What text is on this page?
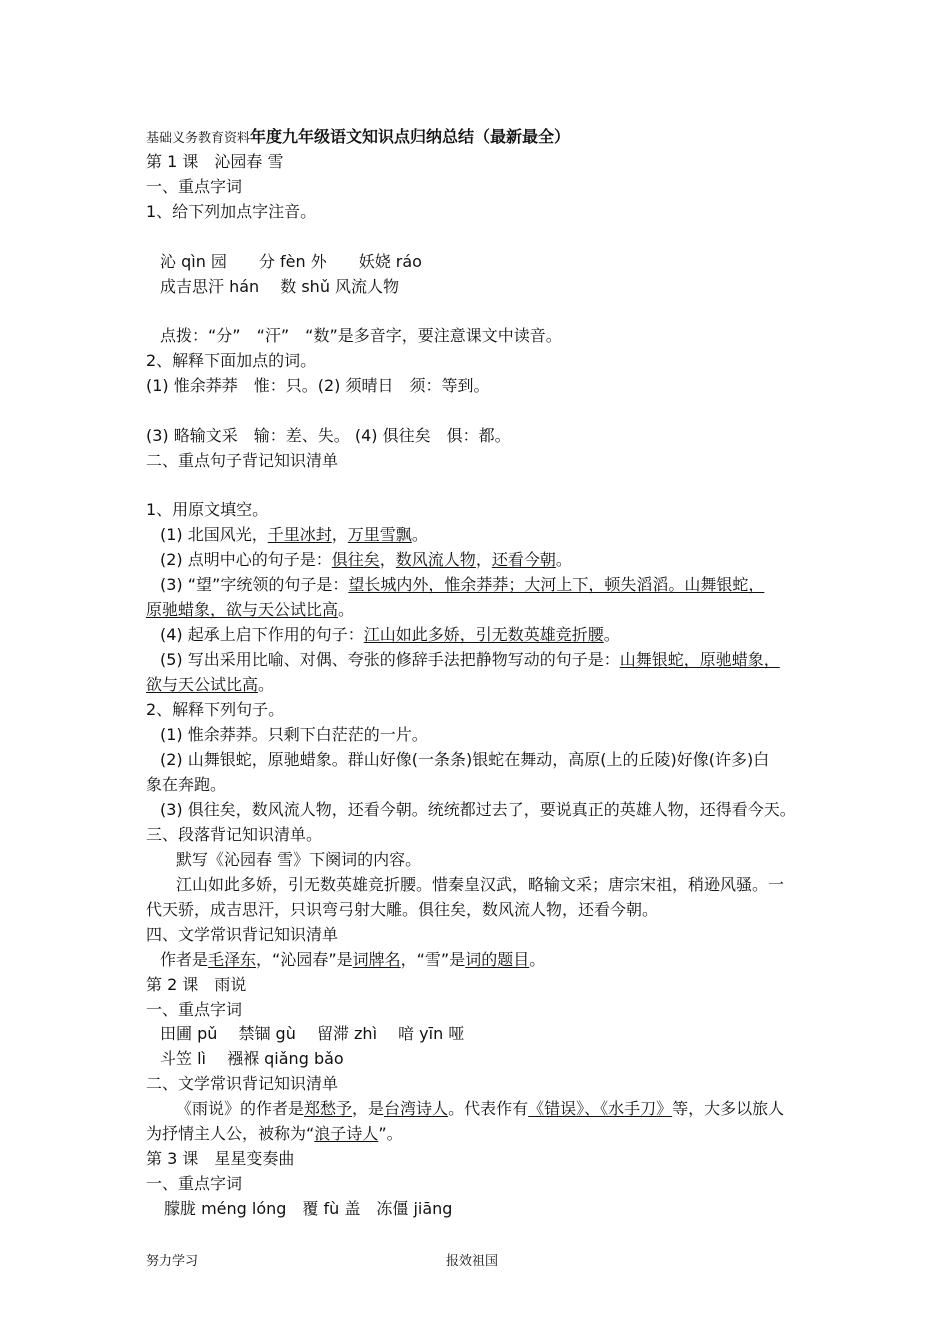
基础义务教育资料年度九年级语文知识点归纳总结（最新最全）
第 1 课　沁园春 雪
一、重点字词
1、给下列加点字注音。
沁 qìn 园　　分 fèn 外　　妖娆 ráo
成吉思汗 hán　 数 shǔ 风流人物
点拨：“分”　“汗”　“数”是多音字，要注意课文中读音。
2、解释下面加点的词。
(1) 惟余莽莽　惟：只。(2) 须晴日　须：等到。
(3) 略输文采　输：差、失。 (4) 俱往矣　俱：都。
二、重点句子背记知识清单
1、用原文填空。
(1) 北国风光，千里冰封，万里雪飘。
(2) 点明中心的句子是：俱往矣，数风流人物，还看今朝。
(3) “望”字统领的句子是：望长城内外，惟余莽莽；大河上下，顿失滔滔。山舞银蛇，
原驰蜡象，欲与天公试比高。
(4) 起承上启下作用的句子：江山如此多娇，引无数英雄竞折腰。
(5) 写出采用比喻、对偶、夸张的修辞手法把静物写动的句子是：山舞银蛇，原驰蜡象，
欲与天公试比高。
2、解释下列句子。
(1) 惟余莽莽。只剩下白茫茫的一片。
(2) 山舞银蛇，原驰蜡象。群山好像(一条条)银蛇在舞动，高原(上的丘陵)好像(许多)白
象在奔跑。
(3) 俱往矣，数风流人物，还看今朝。统统都过去了，要说真正的英雄人物，还得看今天。
三、段落背记知识清单。
默写《沁园春 雪》下阕词的内容。
江山如此多娇，引无数英雄竞折腰。惜秦皇汉武，略输文采；唐宗宋祖，稍逊风骚。一
代天骄，成吉思汗，只识弯弓射大雕。俱往矣，数风流人物，还看今朝。
四、文学常识背记知识清单
作者是毛泽东，“沁园春”是词牌名，“雪”是词的题目。
第 2 课　雨说
一、重点字词
田圃 pǔ　 禁锢 gù　 留滞 zhì　 喑 yīn 哑
斗笠 lì　 襁褓 qiǎng bǎo
二、文学常识背记知识清单
《雨说》的作者是郑愁予，是台湾诗人。代表作有《错误》、《水手刀》等，大多以旅人
为抒情主人公，被称为“浪子诗人”。
第 3 课　星星变奏曲
一、重点字词
朦胧 méng lóng　覆 fù 盖　冻僵 jiāng
努力学习	报效祖国
